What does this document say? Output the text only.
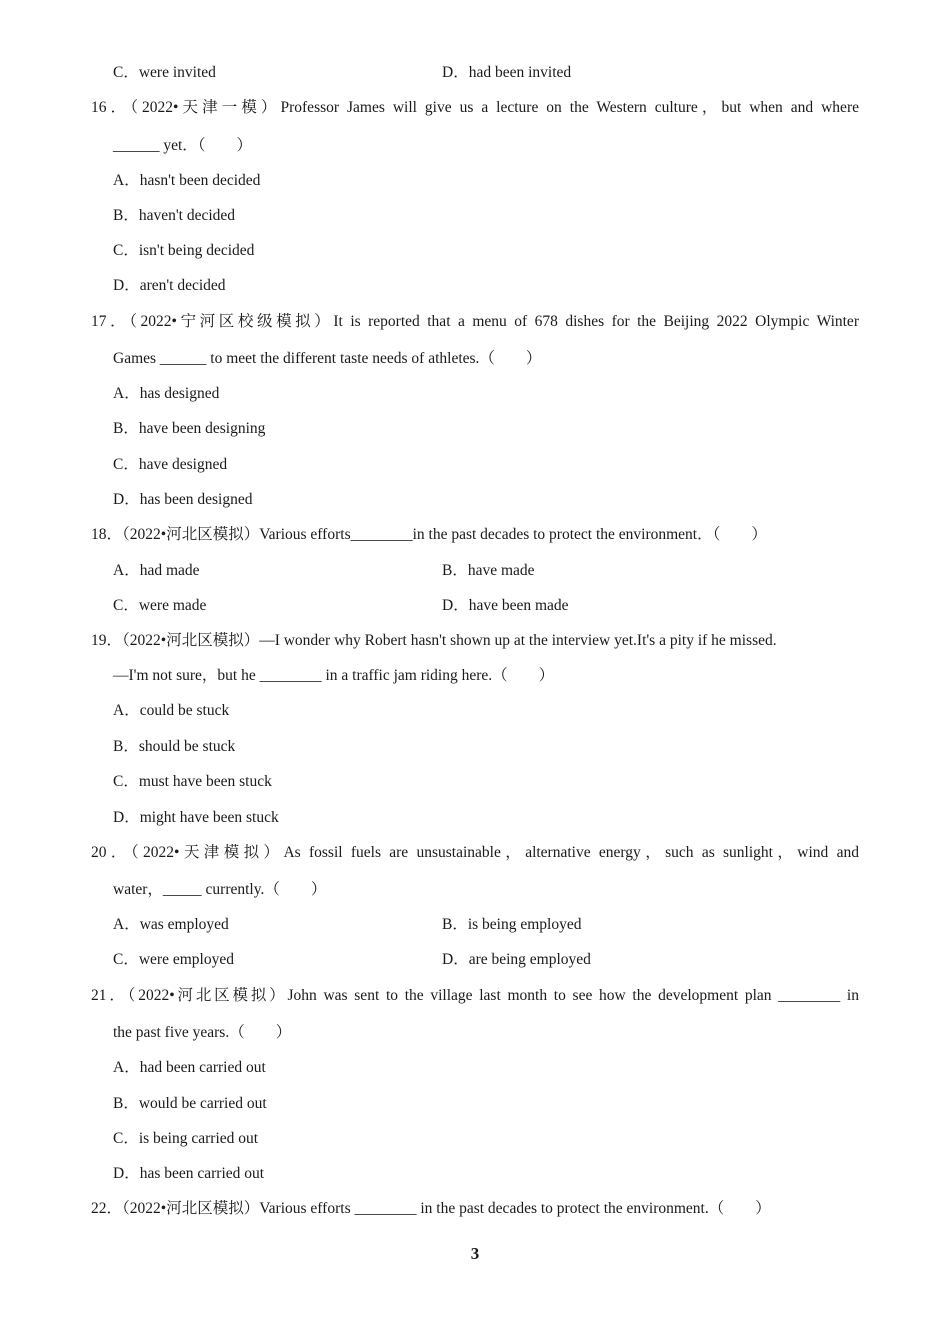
C．were invited	D．had been invited
16．（2022•天津一模）Professor James will give us a lecture on the Western culture，but when and where
______ yet．（　　）
A．hasn't been decided
B．haven't decided
C．isn't being decided
D．aren't decided
17．（2022•宁河区校级模拟）It is reported that a menu of 678 dishes for the Beijing 2022 Olympic Winter
Games ______ to meet the different taste needs of athletes.（　　）
A．has designed
B．have been designing
C．have designed
D．has been designed
18．（2022•河北区模拟）Various efforts________in the past decades to protect the environment．（　　）
A．had made	B．have made
C．were made	D．have been made
19．（2022•河北区模拟）—I wonder why Robert hasn't shown up at the interview yet.It's a pity if he missed.
—I'm not sure，but he ________ in a traffic jam riding here.（　　）
A．could be stuck
B．should be stuck
C．must have been stuck
D．might have been stuck
20．（2022•天津模拟）As fossil fuels are unsustainable，alternative energy，such as sunlight，wind and
water，_____ currently.（　　）
A．was employed	B．is being employed
C．were employed	D．are being employed
21．（2022•河北区模拟）John was sent to the village last month to see how the development plan ________ in
the past five years.（　　）
A．had been carried out
B．would be carried out
C．is being carried out
D．has been carried out
22．（2022•河北区模拟）Various efforts ________ in the past decades to protect the environment.（　　）
3
